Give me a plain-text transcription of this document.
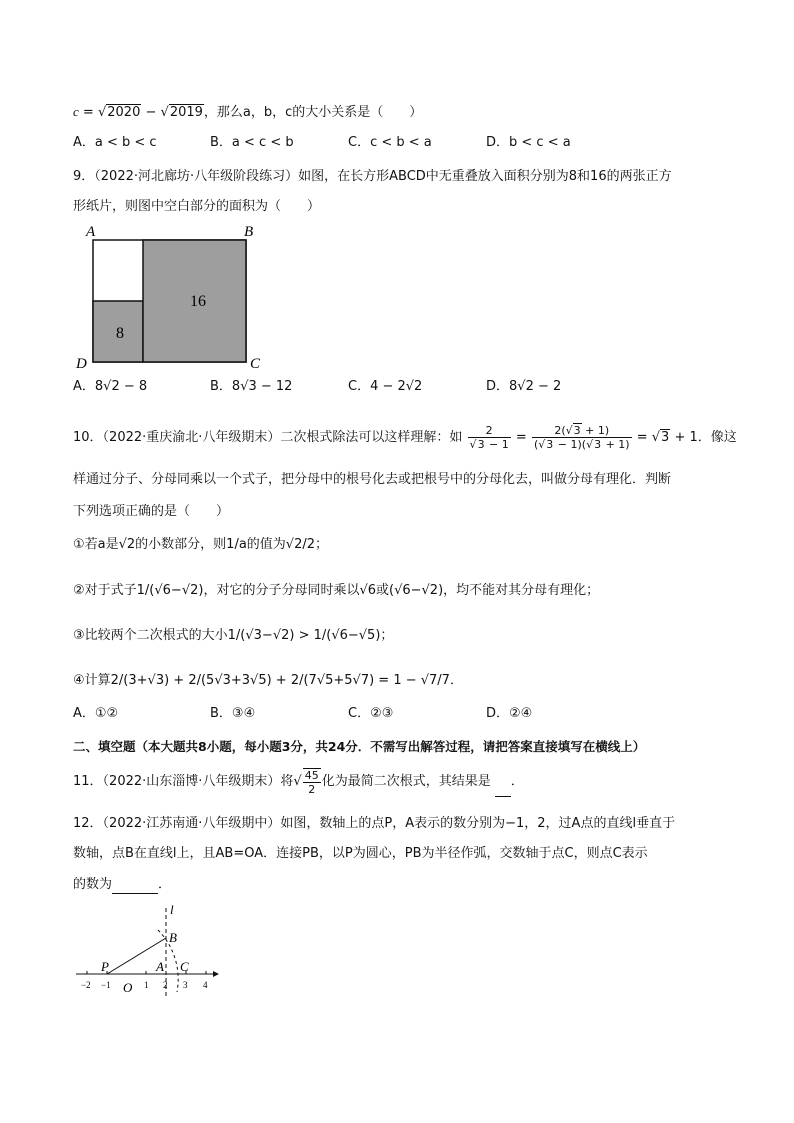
c = √2020 − √2019，那么a，b，c的大小关系是（　　）
A．a < b < c	B．a < c < b	C．c < b < a	D．b < c < a
9．（2022·河北廊坊·八年级阶段练习）如图，在长方形ABCD中无重叠放入面积分别为8和16的两张正方
形纸片，则图中空白部分的面积为（　　）
A	B
C
D
8
16
A．8√2 − 8	B．8√3 − 12	C．4 − 2√2	D．8√2 − 2
10．（2022·重庆渝北·八年级期末）二次根式除法可以这样理解：如 $\frac{2}{√3 - 1} = \frac{2(√3 + 1)}{(√3 - 1)(√3 + 1)} = √3 + 1$．像这
样通过分子、分母同乘以一个式子，把分母中的根号化去或把根号中的分母化去，叫做分母有理化．判断
下列选项正确的是（　　）
①若a是√2的小数部分，则1/a的值为√2/2；
②对于式子1/(√6−√2)，对它的分子分母同时乘以√6或(√6−√2)，均不能对其分母有理化；
③比较两个二次根式的大小1/(√3−√2) > 1/(√6−√5)；
④计算2/(3+√3) + 2/(5√3+3√5) + 2/(7√5+5√7) = 1 − √7/7．
A．①②	B．③④	C．②③	D．②④
二、填空题（本大题共8小题，每小题3分，共24分．不需写出解答过程，请把答案直接填写在横线上）
11．（2022·山东淄博·八年级期末）将√ $\frac{45}{2}$ 化为最简二次根式，其结果是 ．
12．（2022·江苏南通·八年级期中）如图，数轴上的点P，A表示的数分别为−1，2，过A点的直线l垂直于
数轴，点B在直线l上，且AB=OA．连接PB，以P为圆心，PB为半径作弧，交数轴于点C，则点C表示
的数为	．
l
B
P	A C
O
−2 −1	1 2 3 4
